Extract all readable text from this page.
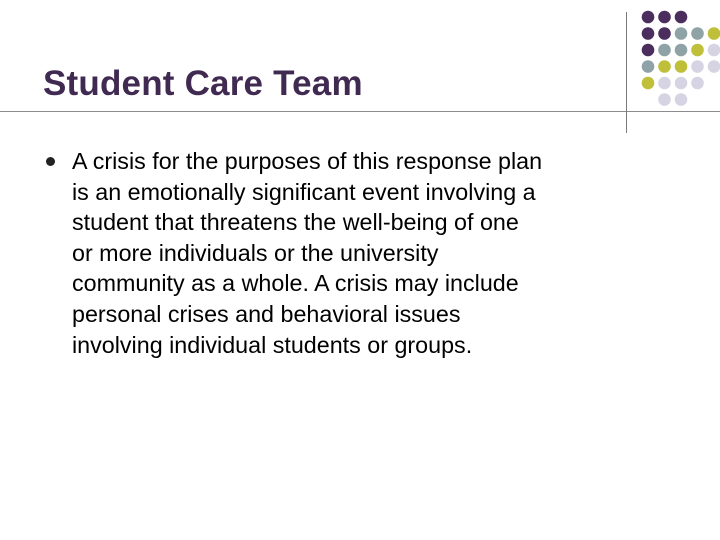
Student Care Team
A crisis for the purposes of this response plan
is an emotionally significant event involving a
student that threatens the well-being of one
or more individuals or the university
community as a whole. A crisis may include
personal crises and behavioral issues
involving individual students or groups.
